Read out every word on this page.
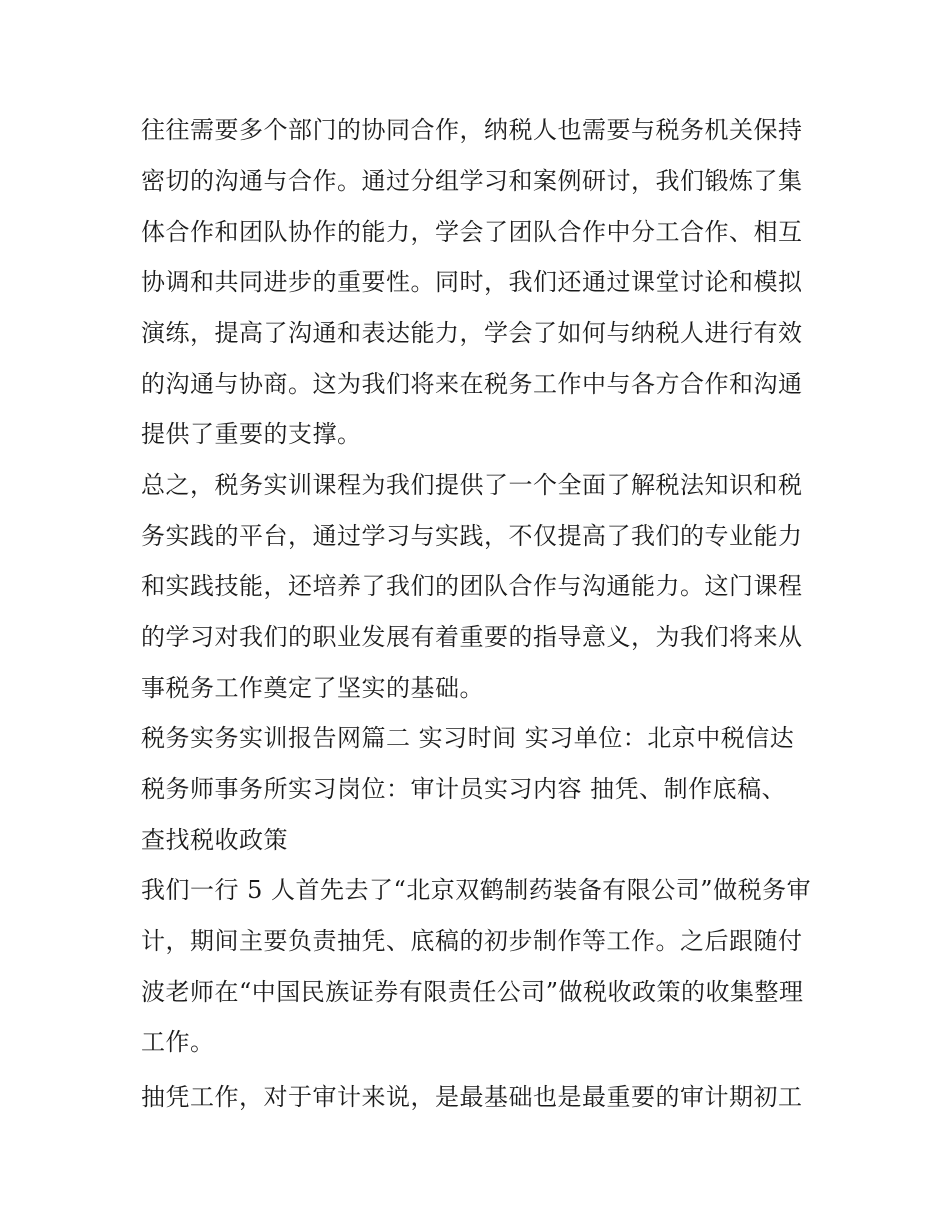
往往需要多个部门的协同合作，纳税人也需要与税务机关保持
密切的沟通与合作。通过分组学习和案例研讨，我们锻炼了集
体合作和团队协作的能力，学会了团队合作中分工合作、相互
协调和共同进步的重要性。同时，我们还通过课堂讨论和模拟
演练，提高了沟通和表达能力，学会了如何与纳税人进行有效
的沟通与协商。这为我们将来在税务工作中与各方合作和沟通
提供了重要的支撑。
总之，税务实训课程为我们提供了一个全面了解税法知识和税
务实践的平台，通过学习与实践，不仅提高了我们的专业能力
和实践技能，还培养了我们的团队合作与沟通能力。这门课程
的学习对我们的职业发展有着重要的指导意义，为我们将来从
事税务工作奠定了坚实的基础。
税务实务实训报告网篇二 实习时间 实习单位：北京中税信达
税务师事务所实习岗位：审计员实习内容 抽凭、制作底稿、
查找税收政策
我们一行 5 人首先去了“北京双鹤制药装备有限公司”做税务审
计，期间主要负责抽凭、底稿的初步制作等工作。之后跟随付
波老师在“中国民族证券有限责任公司”做税收政策的收集整理
工作。
抽凭工作，对于审计来说，是最基础也是最重要的审计期初工
